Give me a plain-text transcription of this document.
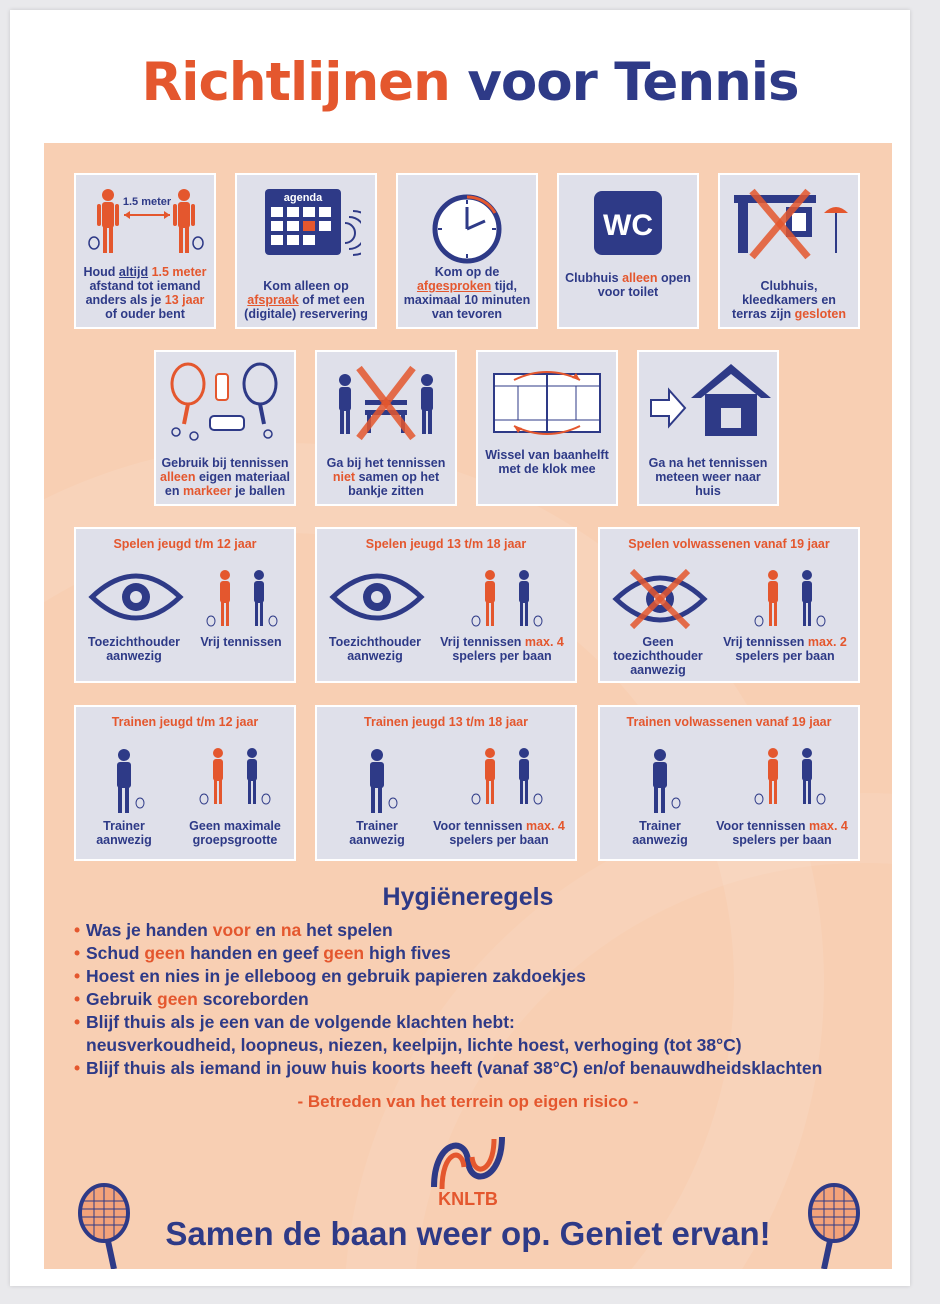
Richtlijnen voor Tennis
1.5 meter
Houd altijd 1.5 meter afstand tot iemand anders als je 13 jaar of ouder bent
agenda
Kom alleen op afspraak of met een (digitale) reservering
Kom op de afgesproken tijd, maximaal 10 minuten van tevoren
WC
Clubhuis alleen open voor toilet	Clubhuis, kleedkamers en terras zijn gesloten
Gebruik bij tennissen alleen eigen materiaal en markeer je ballen
Ga bij het tennissen niet samen op het bankje zitten
Wissel van baanhelft met de klok mee	Ga na het tennissen meteen weer naar huis
Spelen jeugd t/m 12 jaar
Toezichthouder aanwezig
Vrij tennissen
Spelen jeugd 13 t/m 18 jaar
Toezichthouder aanwezig
Vrij tennissen max. 4 spelers per baan
Spelen volwassenen vanaf 19 jaar
Geen toezichthouder aanwezig
Vrij tennissen max. 2 spelers per baan
Trainen jeugd t/m 12 jaar
Trainer aanwezig
Geen maximale groepsgrootte
Trainen jeugd 13 t/m 18 jaar
Trainer aanwezig
Voor tennissen max. 4 spelers per baan
Trainen volwassenen vanaf 19 jaar
Trainer aanwezig
Voor tennissen max. 4 spelers per baan
Hygiëneregels
• Was je handen voor en na het spelen
• Schud geen handen en geef geen high fives
• Hoest en nies in je elleboog en gebruik papieren zakdoekjes
• Gebruik geen scoreborden
• Blijf thuis als je een van de volgende klachten hebt:
neusverkoudheid, loopneus, niezen, keelpijn, lichte hoest, verhoging (tot 38°C)
• Blijf thuis als iemand in jouw huis koorts heeft (vanaf 38°C) en/of benauwdheidsklachten
- Betreden van het terrein op eigen risico -
KNLTB
Samen de baan weer op. Geniet ervan!
